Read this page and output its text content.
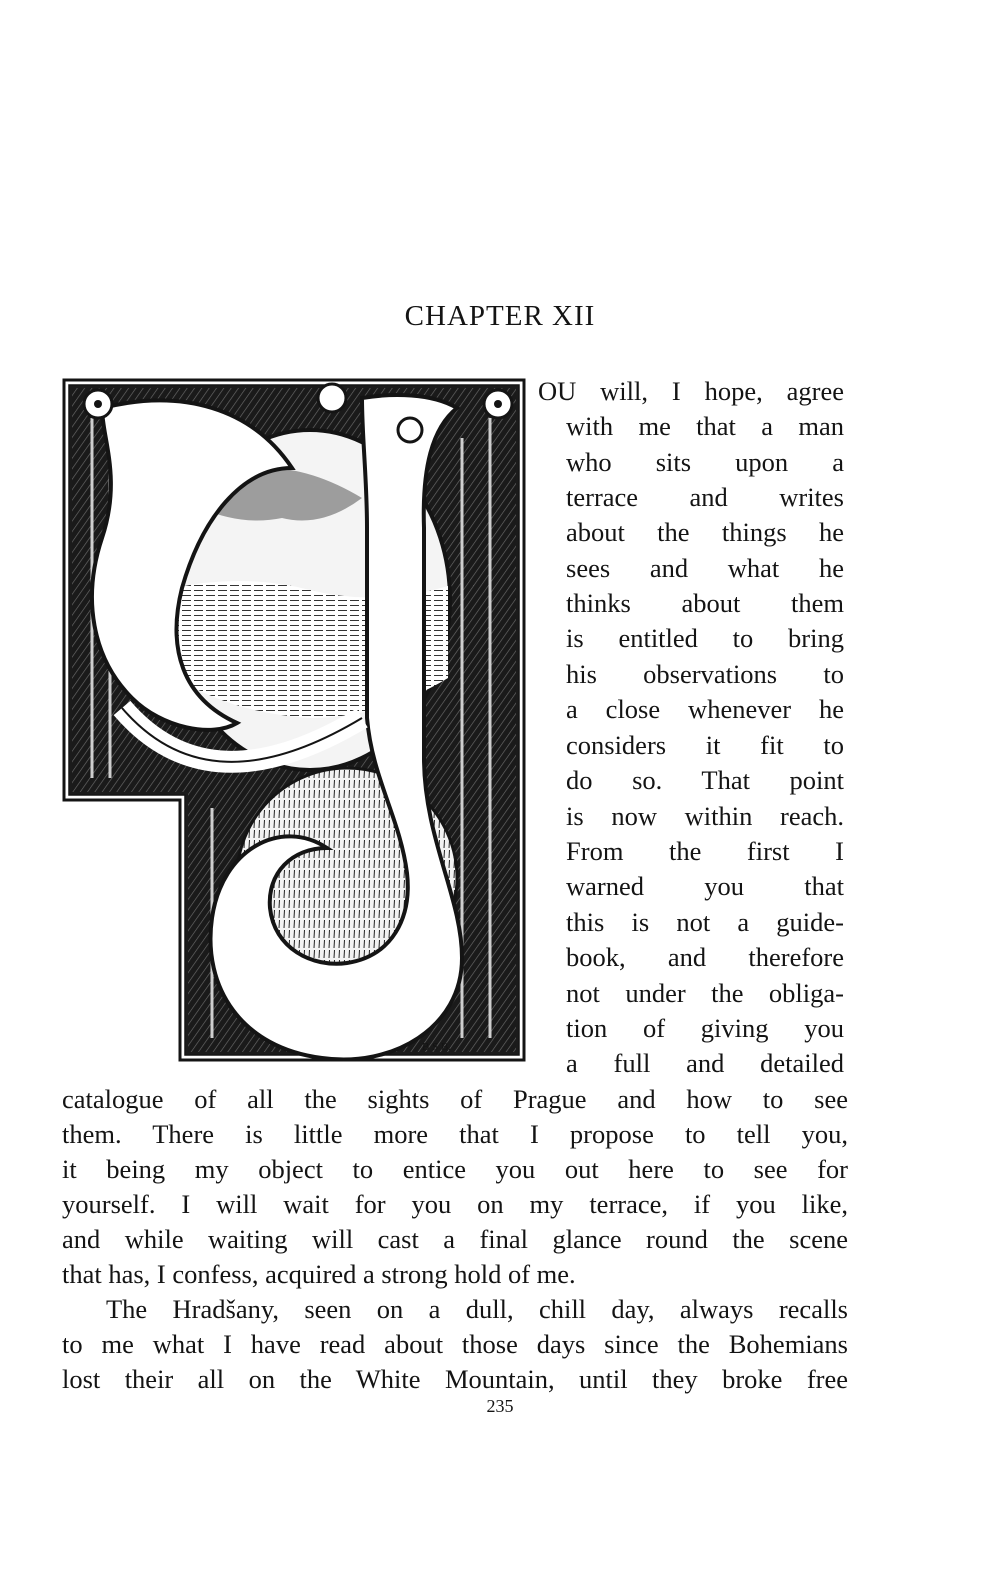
CHAPTER XII
B S B.
OU will, I hope, agree
with me that a man
who sits upon a
terrace and writes
about the things he
sees and what he
thinks about them
is entitled to bring
his observations to
a close whenever he
considers it fit to
do so. That point
is now within reach.
From the first I
warned you that
this is not a guide-
book, and therefore
not under the obliga-
tion of giving you
a full and detailed
catalogue of all the sights of Prague and how to see
them. There is little more that I propose to tell you,
it being my object to entice you out here to see for
yourself. I will wait for you on my terrace, if you like,
and while waiting will cast a final glance round the scene
that has, I confess, acquired a strong hold of me.
The Hradšany, seen on a dull, chill day, always recalls
to me what I have read about those days since the Bohemians
lost their all on the White Mountain, until they broke free
235
